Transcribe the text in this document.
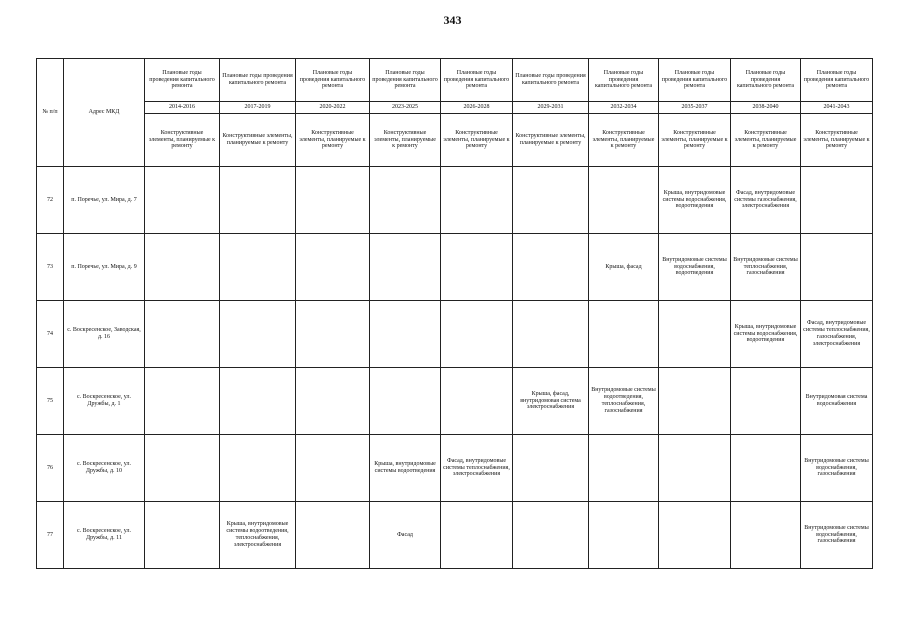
343
№ п/п	Адрес МКД	Плановые годы проведения капитального ремонта	Плановые годы проведения капитального ремонта	Плановые годы проведения капитального ремонта	Плановые годы проведения капитального ремонта	Плановые годы проведения капитального ремонта	Плановые годы проведения капитального ремонта	Плановые годы проведения капитального ремонта	Плановые годы проведения капитального ремонта	Плановые годы проведения капитального ремонта	Плановые годы проведения капитального ремонта
		2014-2016	2017-2019	2020-2022	2023-2025	2026-2028	2029-2031	2032-2034	2035-2037	2038-2040	2041-2043
		Конструктивные элементы, планируемые к ремонту	Конструктивные элементы, планируемые к ремонту	Конструктивные элементы, планируемые к ремонту	Конструктивные элементы, планируемые к ремонту	Конструктивные элементы, планируемые к ремонту	Конструктивные элементы, планируемые к ремонту	Конструктивные элементы, планируемые к ремонту	Конструктивные элементы, планируемые к ремонту	Конструктивные элементы, планируемые к ремонту	Конструктивные элементы, планируемые к ремонту
72	п. Поречье, ул. Мира, д. 7								Крыша, внутридомовые системы водоснабжения, водоотведения	Фасад, внутридомовые системы газоснабжения, электроснабжения	
73	п. Поречье, ул. Мира, д. 9							Крыша, фасад	Внутридомовые системы водоснабжения, водоотведения	Внутридомовые системы теплоснабжения, газоснабжения	
74	с. Воскресенское, Заводская, д. 16									Крыша, внутридомовые системы водоснабжения, водоотведения	Фасад, внутридомовые системы теплоснабжения, газоснабжения, электроснабжения
75	с. Воскресенское, ул. Дружбы, д. 1						Крыша, фасад, внутридомовая система электроснабжения	Внутридомовые системы водоотведения, теплоснабжения, газоснабжения			Внутридомовая система водоснабжения
76	с. Воскресенское, ул. Дружбы, д. 10				Крыша, внутридомовые системы водоотведения	Фасад, внутридомовые системы теплоснабжения, электроснабжения					Внутридомовые системы водоснабжения, газоснабжения
77	с. Воскресенское, ул. Дружбы, д. 11		Крыша, внутридомовые системы водоотведения, теплоснабжения, электроснабжения		Фасад						Внутридомовые системы водоснабжения, газоснабжения
